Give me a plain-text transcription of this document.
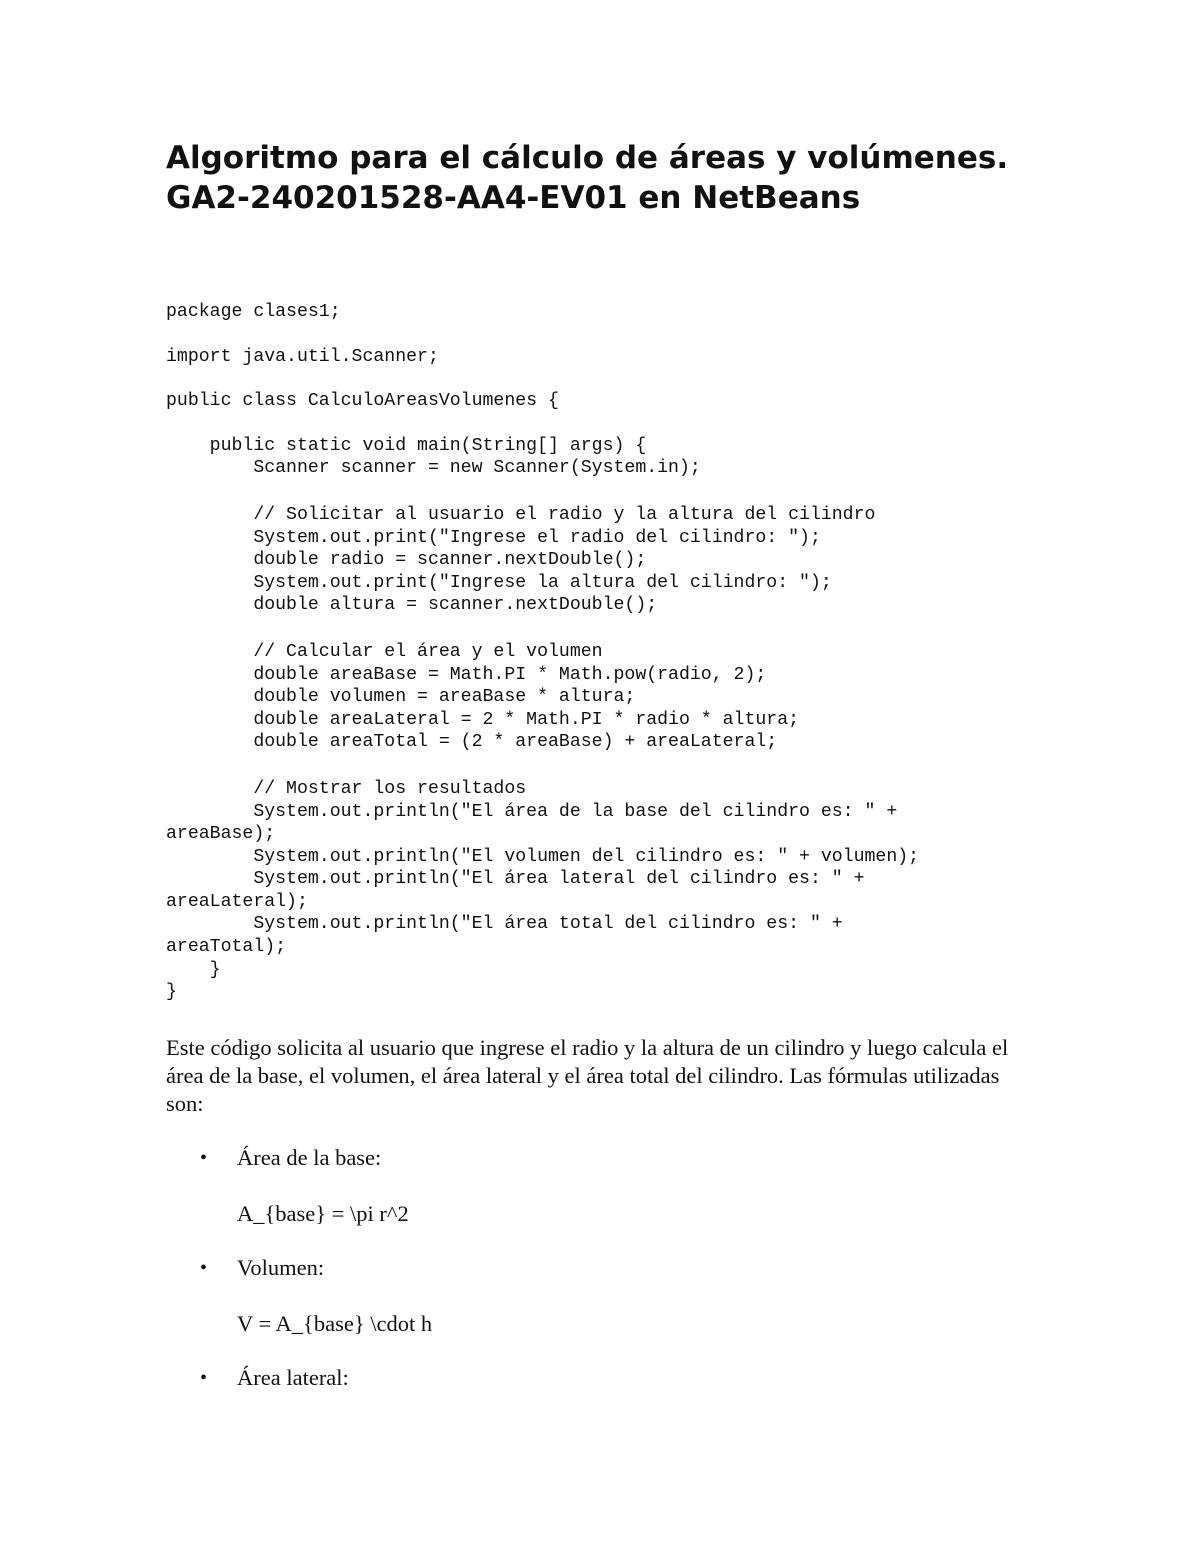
Algoritmo para el cálculo de áreas y volúmenes.
GA2-240201528-AA4-EV01 en NetBeans
package clases1;
import java.util.Scanner;
public class CalculoAreasVolumenes {
public static void main(String[] args) {
Scanner scanner = new Scanner(System.in);
// Solicitar al usuario el radio y la altura del cilindro
System.out.print("Ingrese el radio del cilindro: ");
double radio = scanner.nextDouble();
System.out.print("Ingrese la altura del cilindro: ");
double altura = scanner.nextDouble();
// Calcular el área y el volumen
double areaBase = Math.PI * Math.pow(radio, 2);
double volumen = areaBase * altura;
double areaLateral = 2 * Math.PI * radio * altura;
double areaTotal = (2 * areaBase) + areaLateral;
// Mostrar los resultados
System.out.println("El área de la base del cilindro es: " +
areaBase);
System.out.println("El volumen del cilindro es: " + volumen);
System.out.println("El área lateral del cilindro es: " +
areaLateral);
System.out.println("El área total del cilindro es: " +
areaTotal);
}
}

Este código solicita al usuario que ingrese el radio y la altura de un cilindro y luego calcula el área de la base, el volumen, el área lateral y el área total del cilindro. Las fórmulas utilizadas son:

• Área de la base:
A_{base} = \pi r^2
• Volumen:
V = A_{base} \cdot h
• Área lateral:
